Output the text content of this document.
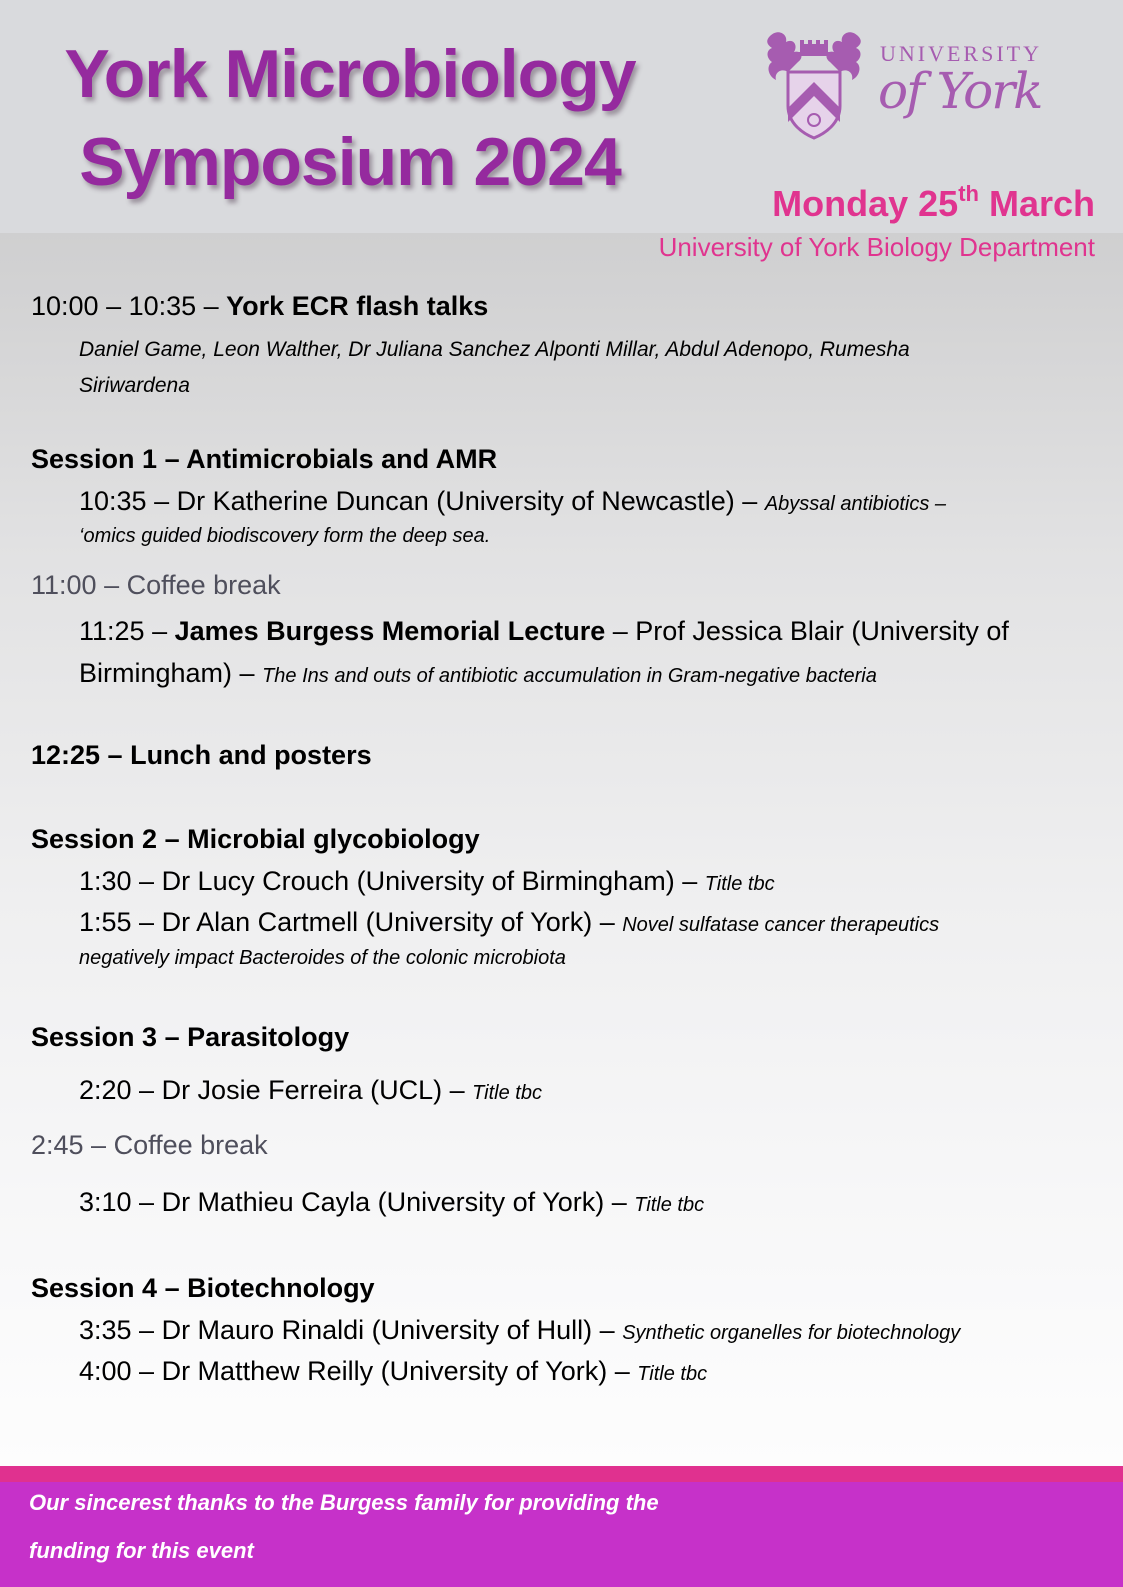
York Microbiology
Symposium 2024
UNIVERSITY
of York
Monday 25th March
University of York Biology Department
10:00 – 10:35 – York ECR flash talks
Daniel Game, Leon Walther, Dr Juliana Sanchez Alponti Millar, Abdul Adenopo, Rumesha
Siriwardena
Session 1 – Antimicrobials and AMR
10:35 – Dr Katherine Duncan (University of Newcastle) – Abyssal antibiotics –
‘omics guided biodiscovery form the deep sea.
11:00 – Coffee break
11:25 – James Burgess Memorial Lecture – Prof Jessica Blair (University of
Birmingham) – The Ins and outs of antibiotic accumulation in Gram-negative bacteria
12:25 – Lunch and posters
Session 2 – Microbial glycobiology
1:30 – Dr Lucy Crouch (University of Birmingham) – Title tbc
1:55 – Dr Alan Cartmell (University of York) – Novel sulfatase cancer therapeutics
negatively impact Bacteroides of the colonic microbiota
Session 3 – Parasitology
2:20 – Dr Josie Ferreira (UCL) – Title tbc
2:45 – Coffee break
3:10 – Dr Mathieu Cayla (University of York) – Title tbc
Session 4 – Biotechnology
3:35 – Dr Mauro Rinaldi (University of Hull) – Synthetic organelles for biotechnology
4:00 – Dr Matthew Reilly (University of York) – Title tbc
Our sincerest thanks to the Burgess family for providing the
funding for this event
